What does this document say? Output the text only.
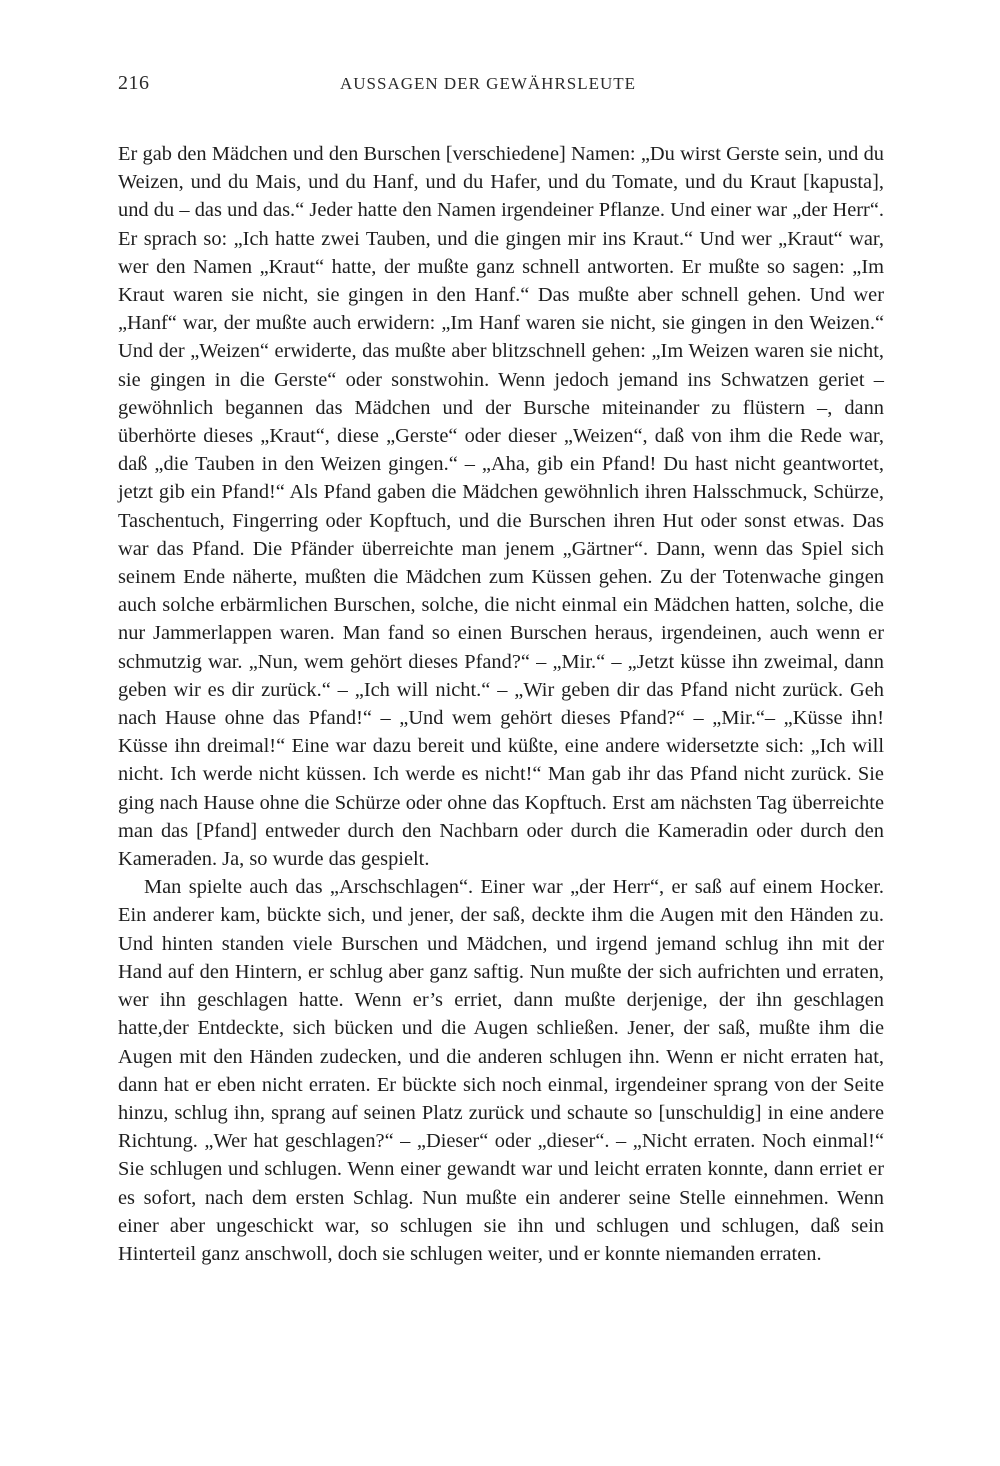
216	AUSSAGEN DER GEWÄHRSLEUTE

Er gab den Mädchen und den Burschen [verschiedene] Namen: „Du wirst Gerste sein, und du Weizen, und du Mais, und du Hanf, und du Hafer, und du Tomate, und du Kraut [kapusta], und du – das und das.“ Jeder hatte den Namen irgendeiner Pflanze. Und einer war „der Herr“. Er sprach so: „Ich hatte zwei Tauben, und die gingen mir ins Kraut.“ Und wer „Kraut“ war, wer den Namen „Kraut“ hatte, der mußte ganz schnell antworten. Er mußte so sagen: „Im Kraut waren sie nicht, sie gingen in den Hanf.“ Das mußte aber schnell gehen. Und wer „Hanf“ war, der mußte auch erwidern: „Im Hanf waren sie nicht, sie gingen in den Weizen.“ Und der „Weizen“ erwiderte, das mußte aber blitzschnell gehen: „Im Weizen waren sie nicht, sie gingen in die Gerste“ oder sonstwohin. Wenn jedoch jemand ins Schwatzen geriet – gewöhnlich begannen das Mädchen und der Bursche miteinander zu flüstern –, dann überhörte dieses „Kraut“, diese „Gerste“ oder dieser „Weizen“, daß von ihm die Rede war, daß „die Tauben in den Weizen gingen.“ – „Aha, gib ein Pfand! Du hast nicht geantwortet, jetzt gib ein Pfand!“ Als Pfand gaben die Mädchen gewöhnlich ihren Halsschmuck, Schürze, Taschentuch, Fingerring oder Kopftuch, und die Burschen ihren Hut oder sonst etwas. Das war das Pfand. Die Pfänder überreichte man jenem „Gärtner“. Dann, wenn das Spiel sich seinem Ende näherte, mußten die Mädchen zum Küssen gehen. Zu der Totenwache gingen auch solche erbärmlichen Burschen, solche, die nicht einmal ein Mädchen hatten, solche, die nur Jammerlappen waren. Man fand so einen Burschen heraus, irgendeinen, auch wenn er schmutzig war. „Nun, wem gehört dieses Pfand?“ – „Mir.“ – „Jetzt küsse ihn zweimal, dann geben wir es dir zurück.“ – „Ich will nicht.“ – „Wir geben dir das Pfand nicht zurück. Geh nach Hause ohne das Pfand!“ – „Und wem gehört dieses Pfand?“ – „Mir.“– „Küsse ihn! Küsse ihn dreimal!“ Eine war dazu bereit und küßte, eine andere widersetzte sich: „Ich will nicht. Ich werde nicht küssen. Ich werde es nicht!“ Man gab ihr das Pfand nicht zurück. Sie ging nach Hause ohne die Schürze oder ohne das Kopftuch. Erst am nächsten Tag überreichte man das [Pfand] entweder durch den Nachbarn oder durch die Kameradin oder durch den Kameraden. Ja, so wurde das gespielt.

Man spielte auch das „Arschschlagen“. Einer war „der Herr“, er saß auf einem Hocker. Ein anderer kam, bückte sich, und jener, der saß, deckte ihm die Augen mit den Händen zu. Und hinten standen viele Burschen und Mädchen, und irgend jemand schlug ihn mit der Hand auf den Hintern, er schlug aber ganz saftig. Nun mußte der sich aufrichten und erraten, wer ihn geschlagen hatte. Wenn er’s erriet, dann mußte derjenige, der ihn geschlagen hatte,der Entdeckte, sich bücken und die Augen schließen. Jener, der saß, mußte ihm die Augen mit den Händen zudecken, und die anderen schlugen ihn. Wenn er nicht erraten hat, dann hat er eben nicht erraten. Er bückte sich noch einmal, irgendeiner sprang von der Seite hinzu, schlug ihn, sprang auf seinen Platz zurück und schaute so [unschuldig] in eine andere Richtung. „Wer hat geschlagen?“ – „Dieser“ oder „dieser“. – „Nicht erraten. Noch einmal!“ Sie schlugen und schlugen. Wenn einer gewandt war und leicht erraten konnte, dann erriet er es sofort, nach dem ersten Schlag. Nun mußte ein anderer seine Stelle einnehmen. Wenn einer aber ungeschickt war, so schlugen sie ihn und schlugen und schlugen, daß sein Hinterteil ganz anschwoll, doch sie schlugen weiter, und er konnte niemanden erraten.
